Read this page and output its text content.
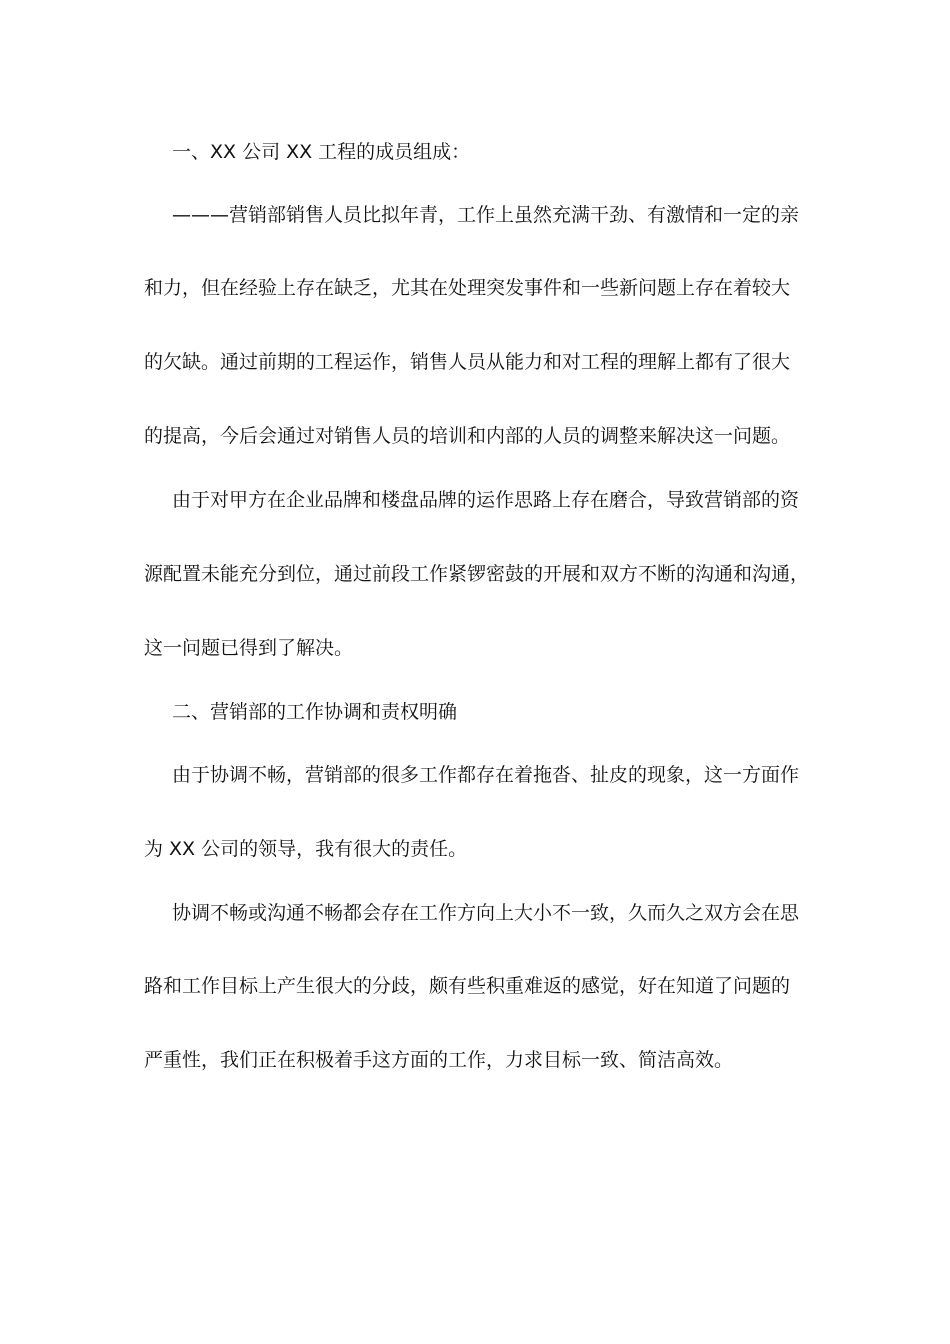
一、XX 公司 XX 工程的成员组成：
———营销部销售人员比拟年青，工作上虽然充满干劲、有激情和一定的亲
和力，但在经验上存在缺乏，尤其在处理突发事件和一些新问题上存在着较大
的欠缺。通过前期的工程运作，销售人员从能力和对工程的理解上都有了很大
的提高，今后会通过对销售人员的培训和内部的人员的调整来解决这一问题。
由于对甲方在企业品牌和楼盘品牌的运作思路上存在磨合，导致营销部的资
源配置未能充分到位，通过前段工作紧锣密鼓的开展和双方不断的沟通和沟通，
这一问题已得到了解决。
二、营销部的工作协调和责权明确
由于协调不畅，营销部的很多工作都存在着拖沓、扯皮的现象，这一方面作
为 XX 公司的领导，我有很大的责任。
协调不畅或沟通不畅都会存在工作方向上大小不一致，久而久之双方会在思
路和工作目标上产生很大的分歧，颇有些积重难返的感觉，好在知道了问题的
严重性，我们正在积极着手这方面的工作，力求目标一致、简洁高效。
